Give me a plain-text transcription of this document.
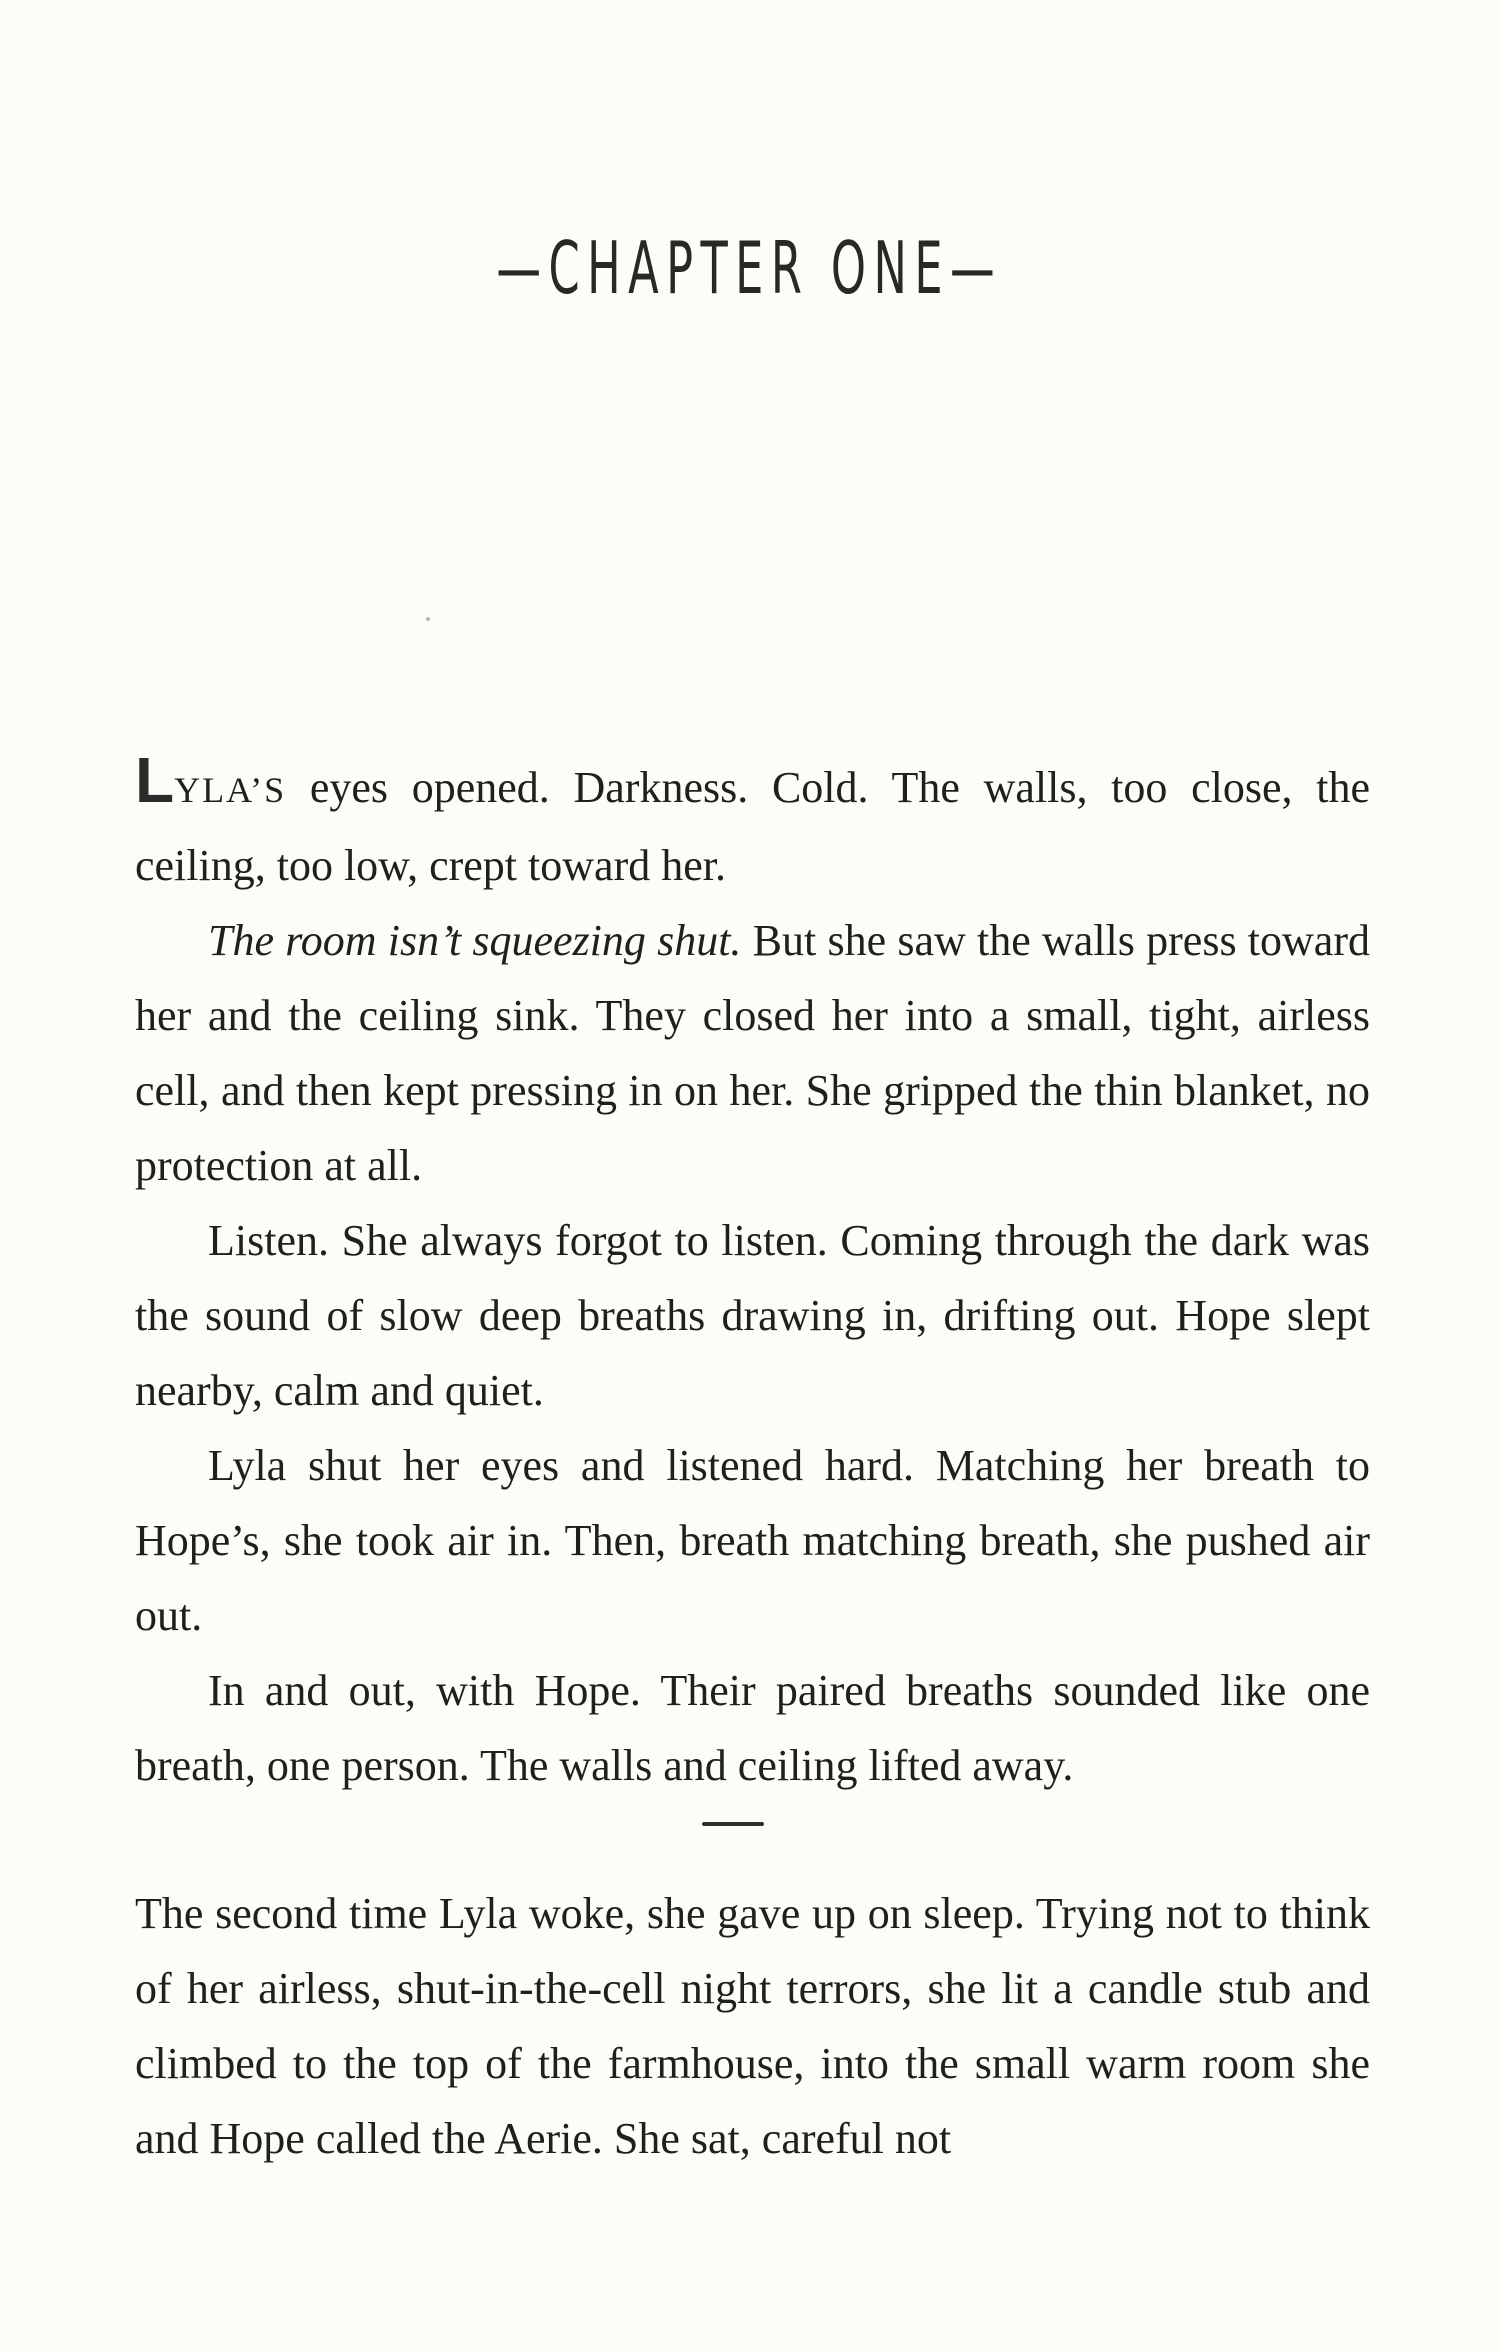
—CHAPTER ONE—

LYLA’S eyes opened. Darkness. Cold. The walls, too close, the ceiling, too low, crept toward her.

The room isn’t squeezing shut. But she saw the walls press toward her and the ceiling sink. They closed her into a small, tight, airless cell, and then kept pressing in on her. She gripped the thin blanket, no protection at all.

Listen. She always forgot to listen. Coming through the dark was the sound of slow deep breaths drawing in, drifting out. Hope slept nearby, calm and quiet.

Lyla shut her eyes and listened hard. Matching her breath to Hope’s, she took air in. Then, breath matching breath, she pushed air out.

In and out, with Hope. Their paired breaths sounded like one breath, one person. The walls and ceiling lifted away.

The second time Lyla woke, she gave up on sleep. Trying not to think of her airless, shut-in-the-cell night terrors, she lit a candle stub and climbed to the top of the farmhouse, into the small warm room she and Hope called the Aerie. She sat, careful not
